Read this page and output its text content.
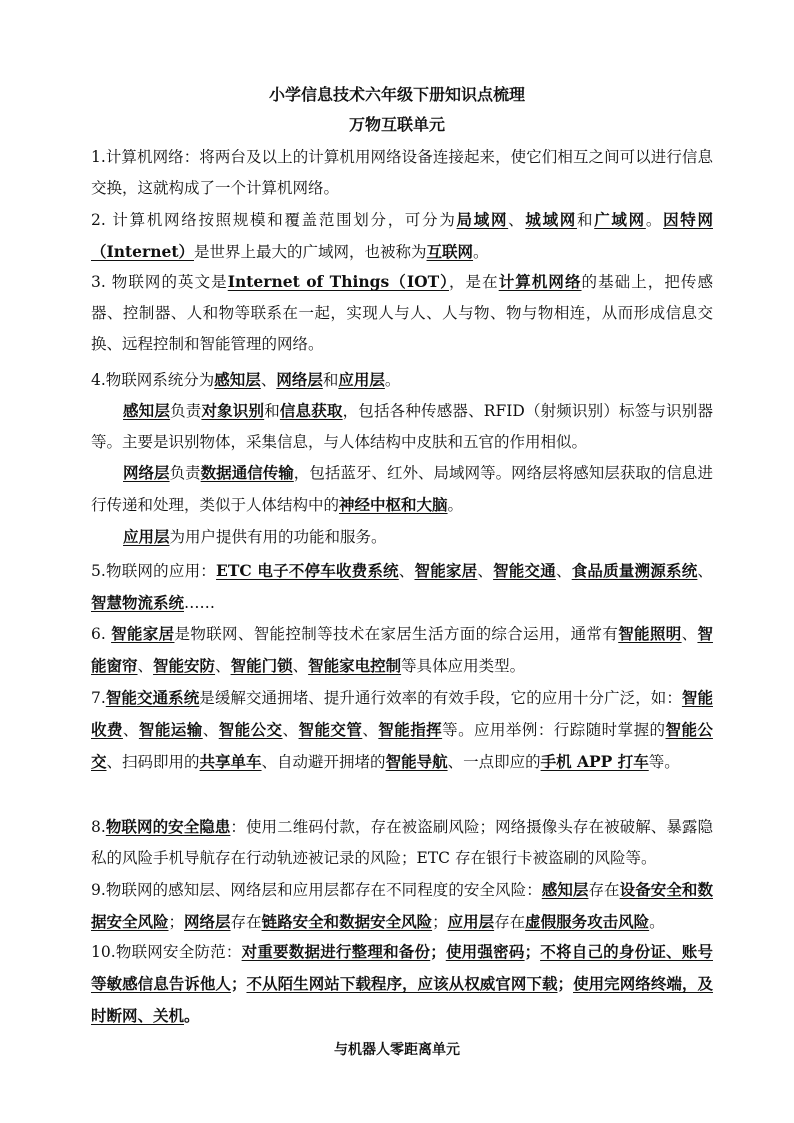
小学信息技术六年级下册知识点梳理
万物互联单元
1.计算机网络：将两台及以上的计算机用网络设备连接起来，使它们相互之间可以进行信息交换，这就构成了一个计算机网络。
2. 计算机网络按照规模和覆盖范围划分，可分为局域网、城域网和广域网。因特网（Internet）是世界上最大的广域网，也被称为互联网。
3. 物联网的英文是Internet of Things（IOT），是在计算机网络的基础上，把传感器、控制器、人和物等联系在一起，实现人与人、人与物、物与物相连，从而形成信息交换、远程控制和智能管理的网络。
4.物联网系统分为感知层、网络层和应用层。
感知层负责对象识别和信息获取，包括各种传感器、RFID（射频识别）标签与识别器等。主要是识别物体，采集信息，与人体结构中皮肤和五官的作用相似。
网络层负责数据通信传输，包括蓝牙、红外、局域网等。网络层将感知层获取的信息进行传递和处理，类似于人体结构中的神经中枢和大脑。
应用层为用户提供有用的功能和服务。
5.物联网的应用：ETC 电子不停车收费系统、智能家居、智能交通、食品质量溯源系统、智慧物流系统……
6. 智能家居是物联网、智能控制等技术在家居生活方面的综合运用，通常有智能照明、智能窗帘、智能安防、智能门锁、智能家电控制等具体应用类型。
7.智能交通系统是缓解交通拥堵、提升通行效率的有效手段，它的应用十分广泛，如：智能收费、智能运输、智能公交、智能交管、智能指挥等。应用举例：行踪随时掌握的智能公交、扫码即用的共享单车、自动避开拥堵的智能导航、一点即应的手机 APP 打车等。
8.物联网的安全隐患：使用二维码付款，存在被盗刷风险；网络摄像头存在被破解、暴露隐私的风险手机导航存在行动轨迹被记录的风险；ETC 存在银行卡被盗刷的风险等。
9.物联网的感知层、网络层和应用层都存在不同程度的安全风险：感知层存在设备安全和数据安全风险；网络层存在链路安全和数据安全风险；应用层存在虚假服务攻击风险。
10.物联网安全防范：对重要数据进行整理和备份；使用强密码；不将自己的身份证、账号等敏感信息告诉他人；不从陌生网站下载程序，应该从权威官网下载；使用完网络终端，及时断网、关机。
与机器人零距离单元
